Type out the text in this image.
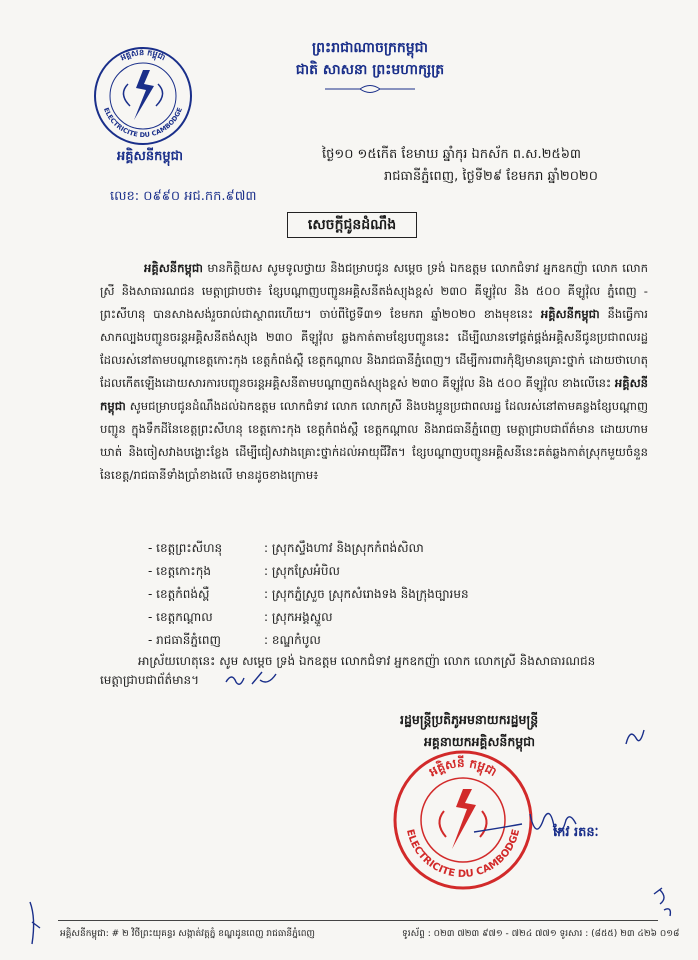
ព្រះរាជាណាចក្រកម្ពុជា
ជាតិ សាសនា ព្រះមហាក្សត្រ
អគ្គិសនី កម្ពុជា
ELECTRICITE DU CAMBODGE
អគ្គិសនីកម្ពុជា	ថ្ងៃ១០ ១៥កើត ខែមាឃ ឆ្នាំកុរ ឯកស័ក ព.ស.២៥៦៣
រាជធានីភ្នំពេញ, ថ្ងៃទី២៩ ខែមករា ឆ្នាំ២០២០
លេខ: ០៩៩០ អជ.កក.៩៧៣
សេចក្តីជូនដំណឹង
អគ្គិសនីកម្ពុជា មានកិត្តិយស សូមទូលថ្វាយ និងជម្រាបជូន សម្តេច ទ្រង់ ឯកឧត្តម លោកជំទាវ អ្នកឧកញ៉ា លោក លោកស្រី និងសាធារណជន មេត្តាជ្រាបថា៖ ខ្សែបណ្តាញបញ្ជូនអគ្គិសនីតង់ស្យុងខ្ពស់ ២៣០ គីឡូវ៉ុល និង ៥០០ គីឡូវ៉ុល ភ្នំពេញ - ព្រះសីហនុ បានសាងសង់រួចរាល់ជាស្ថាពរហើយ។ ចាប់ពីថ្ងៃទី៣១ ខែមករា ឆ្នាំ២០២០ ខាងមុខនេះ អគ្គិសនីកម្ពុជា នឹងធ្វើការសាកល្បងបញ្ជូនចរន្តអគ្គិសនីតង់ស្យុង ២៣០ គីឡូវ៉ុល ឆ្លងកាត់តាមខ្សែបញ្ជូននេះ ដើម្បីឈានទៅផ្គត់ផ្គង់អគ្គិសនីជូនប្រជាពលរដ្ឋ ដែលរស់នៅតាមបណ្តាខេត្តកោះកុង ខេត្តកំពង់ស្ពឺ ខេត្តកណ្តាល និងរាជធានីភ្នំពេញ។ ដើម្បីការពារកុំឱ្យមានគ្រោះថ្នាក់ ដោយថាហេតុដែលកើតឡើងដោយសារការបញ្ជូនចរន្តអគ្គិសនីតាមបណ្តាញតង់ស្យុងខ្ពស់ ២៣០ គីឡូវ៉ុល និង ៥០០ គីឡូវ៉ុល ខាងលើនេះ អគ្គិសនីកម្ពុជា សូមជម្រាបជូនដំណឹងដល់ឯកឧត្តម លោកជំទាវ លោក លោកស្រី និងបងប្អូនប្រជាពលរដ្ឋ ដែលរស់នៅតាមគន្លងខ្សែបណ្តាញបញ្ជូន ក្នុងទឹកដីនៃខេត្តព្រះសីហនុ ខេត្តកោះកុង ខេត្តកំពង់ស្ពឺ ខេត្តកណ្តាល និងរាជធានីភ្នំពេញ មេត្តាជ្រាបជាព័ត៌មាន ដោយហាមឃាត់ និងចៀសវាងបង្ហោះខ្លែង ដើម្បីជៀសវាងគ្រោះថ្នាក់ដល់អាយុជីវិត។ ខ្សែបណ្តាញបញ្ជូនអគ្គិសនីនេះគត់ឆ្លងកាត់ស្រុកមួយចំនួននៃខេត្ត/រាជធានីទាំងប្រាំខាងលើ មានដូចខាងក្រោម៖
- ខេត្តព្រះសីហនុ	: ស្រុកស្ទឹងហាវ និងស្រុកកំពង់សិលា
- ខេត្តកោះកុង	: ស្រុកស្រែអំបិល
- ខេត្តកំពង់ស្ពឺ	: ស្រុកភ្នំស្រួច ស្រុកសំរោងទង និងក្រុងច្បារមន
- ខេត្តកណ្តាល	: ស្រុកអង្គស្នួល
- រាជធានីភ្នំពេញ	: ខណ្ឌកំបូល
អាស្រ័យហេតុនេះ សូម សម្តេច ទ្រង់ ឯកឧត្តម លោកជំទាវ អ្នកឧកញ៉ា លោក លោកស្រី និងសាធារណជន
មេត្តាជ្រាបជាព័ត៌មាន។
រដ្ឋមន្ត្រីប្រតិភូអមនាយករដ្ឋមន្ត្រី
អគ្គនាយកអគ្គិសនីកម្ពុជា
អគ្គិសនី កម្ពុជា
ELECTRICITE DU CAMBODGE កែវ រតនៈ
អគ្គិសនីកម្ពុជា: # ២ វិថីព្រះយុគន្ធរ សង្កាត់វត្តភ្នំ ខណ្ឌដូនពេញ រាជធានីភ្នំពេញ	ទូរស័ព្ទ : ០២៣ ៧២៣ ៩៧១ - ៧២៤ ៧៧១ ទូរសារ : (៨៥៥) ២៣ ៤២៦ ០១៨
